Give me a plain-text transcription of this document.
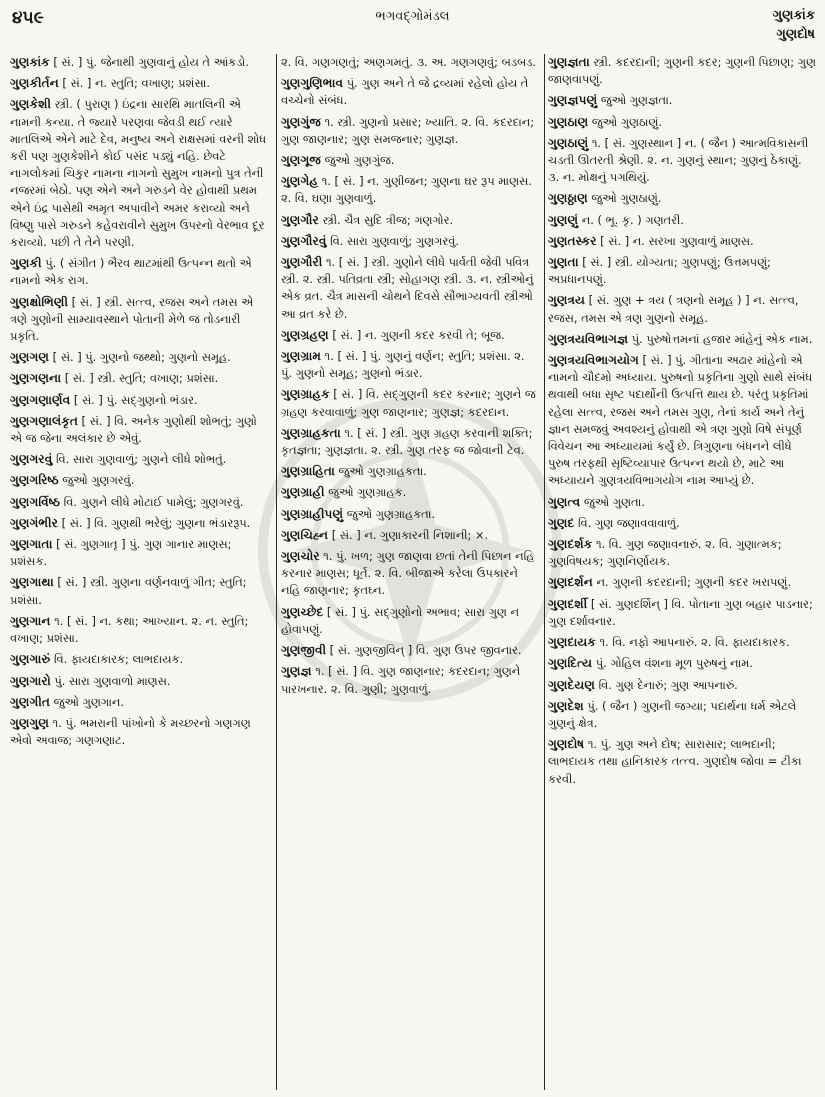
૪૫૯	ભગવદ્ગોમંડલ	ગુણકાંક
ગુણદોષ

ગુણકાંક [ સં. ] પું. જેનાથી ગુણવાનું હોય તે આંકડો.

ગુણકીર્તન [ સં. ] ન. સ્તુતિ; વખાણ; પ્રશંસા.

ગુણકેશી સ્ત્રી. ( પુરાણ ) ઇંદ્રના સારથિ માતલિની એ નામની કન્યા. તે જ્યારે પરણવા જેવડી થઈ ત્યારે માતલિએ એને માટે દેવ, મનુષ્ય અને રાક્ષસમાં વરની શોધ કરી પણ ગુણકેશીને કોઈ પસંદ પડ્યું નહિ. છેવટે નાગલોકમાં ચિકુર નામના નાગનો સુમુખ નામનો પુત્ર તેની નજરમાં બેઠો. પણ એને અને ગરુડને વેર હોવાથી પ્રથમ એને ઇંદ્ર પાસેથી અમૃત અપાવીને અમર કરાવ્યો અને વિષ્ણુ પાસે ગરુડને કહેવરાવીને સુમુખ ઉપરનો વેરભાવ દૂર કરાવ્યો. પછી તે તેને પરણી.

ગુણકી પું. ( સંગીત ) ભૈરવ થાટમાંથી ઉત્પન્ન થતો એ નામનો એક રાગ.

ગુણક્ષોભિણી [ સં. ] સ્ત્રી. સત્ત્વ, રજસ અને તમસ એ ત્રણે ગુણોની સામ્યાવસ્થાને પોતાની મેળે જ તોડનારી પ્રકૃતિ.

ગુણગણ [ સં. ] પું. ગુણનો જથ્થો; ગુણનો સમૂહ.

ગુણગણના [ સં. ] સ્ત્રી. સ્તુતિ; વખાણ; પ્રશંસા.

ગુણગણાર્ણવ [ સં. ] પું. સદ્ગુણનો ભંડાર.

ગુણગણાલંકૃત [ સં. ] વિ. અનેક ગુણોથી શોભતું; ગુણો એ જ જેના અલંકાર છે એવું.

ગુણગરવું વિ. સારા ગુણવાળું; ગુણને લીધે શોભતું.

ગુણગરિષ્ઠ જુઓ ગુણગરવું.

ગુણગર્વિષ્ઠ વિ. ગુણને લીધે મોટાઈ પામેલું; ગુણગરવું.

ગુણગંભીર [ સં. ] વિ. ગુણથી ભરેલું; ગુણના ભંડારરૂપ.

ગુણગાતા [ સં. ગુણગાતૃ ] પું. ગુણ ગાનાર માણસ; પ્રશંસક.

ગુણગાથા [ સં. ] સ્ત્રી. ગુણના વર્ણનવાળું ગીત; સ્તુતિ; પ્રશંસા.

ગુણગાન ૧. [ સં. ] ન. કથા; આખ્યાન. ૨. ન. સ્તુતિ; વખાણ; પ્રશંસા.

ગુણગારું વિ. ફાયદાકારક; લાભદાયક.

ગુણગારો પું. સારા ગુણવાળો માણસ.

ગુણગીત જુઓ ગુણગાન.

ગુણગુણ ૧. પું. ભમરાની પાંખોનો કે મચ્છરનો ગણગણ એવો અવાજ; ગણગણાટ.

૨. વિ. ગણગણતું; અણગમતું. ૩. અ. ગણગણવું; બડબડ.

ગુણગુણિભાવ પું. ગુણ અને તે જે દ્રવ્યમાં રહેલો હોય તે વચ્ચેનો સંબંધ.

ગુણગુંજ ૧. સ્ત્રી. ગુણનો પ્રસાર; ખ્યાતિ. ૨. વિ. કદરદાન; ગુણ જાણનાર; ગુણ સમજનાર; ગુણજ્ઞ.

ગુણગૂજ જુઓ ગુણગુંજ.

ગુણગેહ ૧. [ સં. ] ન. ગુણીજન; ગુણના ઘર રૂપ માણસ. ૨. વિ. ઘણા ગુણવાળું.

ગુણગૌર સ્ત્રી. ચૈત્ર સુદિ ત્રીજ; ગણગોર.

ગુણગૌરવું વિ. સારા ગુણવાળું; ગુણગરવું.

ગુણગૌરી ૧. [ સં. ] સ્ત્રી. ગુણોને લીધે પાર્વતી જેવી પવિત્ર સ્ત્રી. ૨. સ્ત્રી. પતિવ્રતા સ્ત્રી; સોહાગણ સ્ત્રી. ૩. ન. સ્ત્રીઓનું એક વ્રત. ચૈત્ર માસની ચોથને દિવસે સૌભાગ્યવતી સ્ત્રીઓ આ વ્રત કરે છે.

ગુણગ્રહણ [ સં. ] ન. ગુણની કદર કરવી તે; બૂજ.

ગુણગ્રામ ૧. [ સં. ] પું. ગુણનું વર્ણન; સ્તુતિ; પ્રશંસા. ૨. પું. ગુણનો સમૂહ; ગુણનો ભંડાર.

ગુણગ્રાહક [ સં. ] વિ. સદ્ગુણની કદર કરનાર; ગુણને જ ગ્રહણ કરવાવાળું; ગુણ જાણનાર; ગુણજ્ઞ; કદરદાન.

ગુણગ્રાહકતા ૧. [ સં. ] સ્ત્રી. ગુણ ગ્રહણ કરવાની શક્તિ; કૃતજ્ઞતા; ગુણજ્ઞતા. ૨. સ્ત્રી. ગુણ તરફ જ જોવાની ટેવ.

ગુણગ્રાહિતા જુઓ ગુણગ્રાહકતા.

ગુણગ્રાહી જુઓ ગુણગ્રાહક.

ગુણગ્રાહીપણું જુઓ ગુણગ્રાહકતા.

ગુણચિહ્ન [ સં. ] ન. ગુણાકારની નિશાની; ×.

ગુણચોર ૧. પું. ખળ; ગુણ જાણવા છતાં તેની પિછાન નહિ કરનાર માણસ; ધૂર્ત. ૨. વિ. બીજાએ કરેલા ઉપકારને નહિ જાણનાર; કૃતઘ્ન.

ગુણચ્છેદ [ સં. ] પું. સદ્ગુણોનો અભાવ; સારા ગુણ ન હોવાપણું.

ગુણજીવી [ સં. ગુણજીવિન્ ] વિ. ગુણ ઉપર જીવનાર.

ગુણજ્ઞ ૧. [ સં. ] વિ. ગુણ જાણનાર; કદરદાન; ગુણને પારખનાર. ૨. વિ. ગુણી; ગુણવાળું.

ગુણજ્ઞતા સ્ત્રી. કદરદાની; ગુણની કદર; ગુણની પિછાણ; ગુણ જાણવાપણું.

ગુણજ્ઞપણું જુઓ ગુણજ્ઞતા.

ગુણઠાણ જુઓ ગુણઠાણું.

ગુણઠાણું ૧. [ સં. ગુણસ્થાન ] ન. ( જૈન ) આત્મવિકાસની ચડતી ઊતરતી શ્રેણી. ૨. ન. ગુણનું સ્થાન; ગુણનું ઠેકાણું. ૩. ન. મોક્ષનું પગથિયું.

ગુણઠ્ઠાણ જુઓ ગુણઠાણું.

ગુણણું ન. ( ભૂ. કૃ. ) ગણતરી.

ગુણતસ્કર [ સં. ] ન. સરખા ગુણવાળું માણસ.

ગુણતા [ સં. ] સ્ત્રી. યોગ્યતા; ગુણપણું; ઉત્તમપણું; અપ્રધાનપણું.

ગુણત્રય [ સં. ગુણ + ત્રય ( ત્રણનો સમૂહ ) ] ન. સત્ત્વ, રજસ, તમસ એ ત્રણ ગુણનો સમૂહ.

ગુણત્રયવિભાગજ્ઞ પું. પુરુષોત્તમનાં હજાર માંહેનું એક નામ.

ગુણત્રયવિભાગયોગ [ સં. ] પું. ગીતાના અઢાર માંહેનો એ નામનો ચૌદમો અધ્યાય. પુરુષનો પ્રકૃતિના ગુણો સાથે સંબંધ થવાથી બધા સૃષ્ટ પદાર્થોની ઉત્પત્તિ થાય છે. પરંતુ પ્રકૃતિમાં રહેલા સત્ત્વ, રજસ અને તમસ ગુણ, તેનાં કાર્ય અને તેનું જ્ઞાન સમજવું અવશ્યનું હોવાથી એ ત્રણ ગુણો વિષે સંપૂર્ણ વિવેચન આ અધ્યાયમાં કર્યું છે. ત્રિગુણના બંધનને લીધે પુરુષ તરફથી સૃષ્ટિવ્યાપાર ઉત્પન્ન થયો છે, માટે આ અધ્યાયને ગુણત્રયવિભાગયોગ નામ આપ્યું છે.

ગુણત્વ જુઓ ગુણતા.

ગુણદ વિ. ગુણ જણાવવાવાળું.

ગુણદર્શક ૧. વિ. ગુણ જણાવનારું. ૨. વિ. ગુણાત્મક; ગુણવિષયક; ગુણનિર્ણાયક.

ગુણદર્શન ન. ગુણની કદરદાની; ગુણની કદર ખરાપણું.

ગુણદર્શી [ સં. ગુણદર્શિન્ ] વિ. પોતાના ગુણ બહાર પાડનાર; ગુણ દર્શાવનાર.

ગુણદાયક ૧. વિ. નફો આપનારું. ૨. વિ. ફાયદાકારક.

ગુણદિત્ય પું. ગોહિલ વંશના મૂળ પુરુષનું નામ.

ગુણદેયણ વિ. ગુણ દેનારું; ગુણ આપનારું.

ગુણદેશ પું. ( જૈન ) ગુણની જગ્યા; પદાર્થના ધર્મ એટલે ગુણનું ક્ષેત્ર.

ગુણદોષ ૧. પું. ગુણ અને દોષ; સારાસાર; લાભદાની; લાભદાયક તથા હાનિકારક તત્ત્વ. ગુણદોષ જોવા = ટીકા કરવી.
